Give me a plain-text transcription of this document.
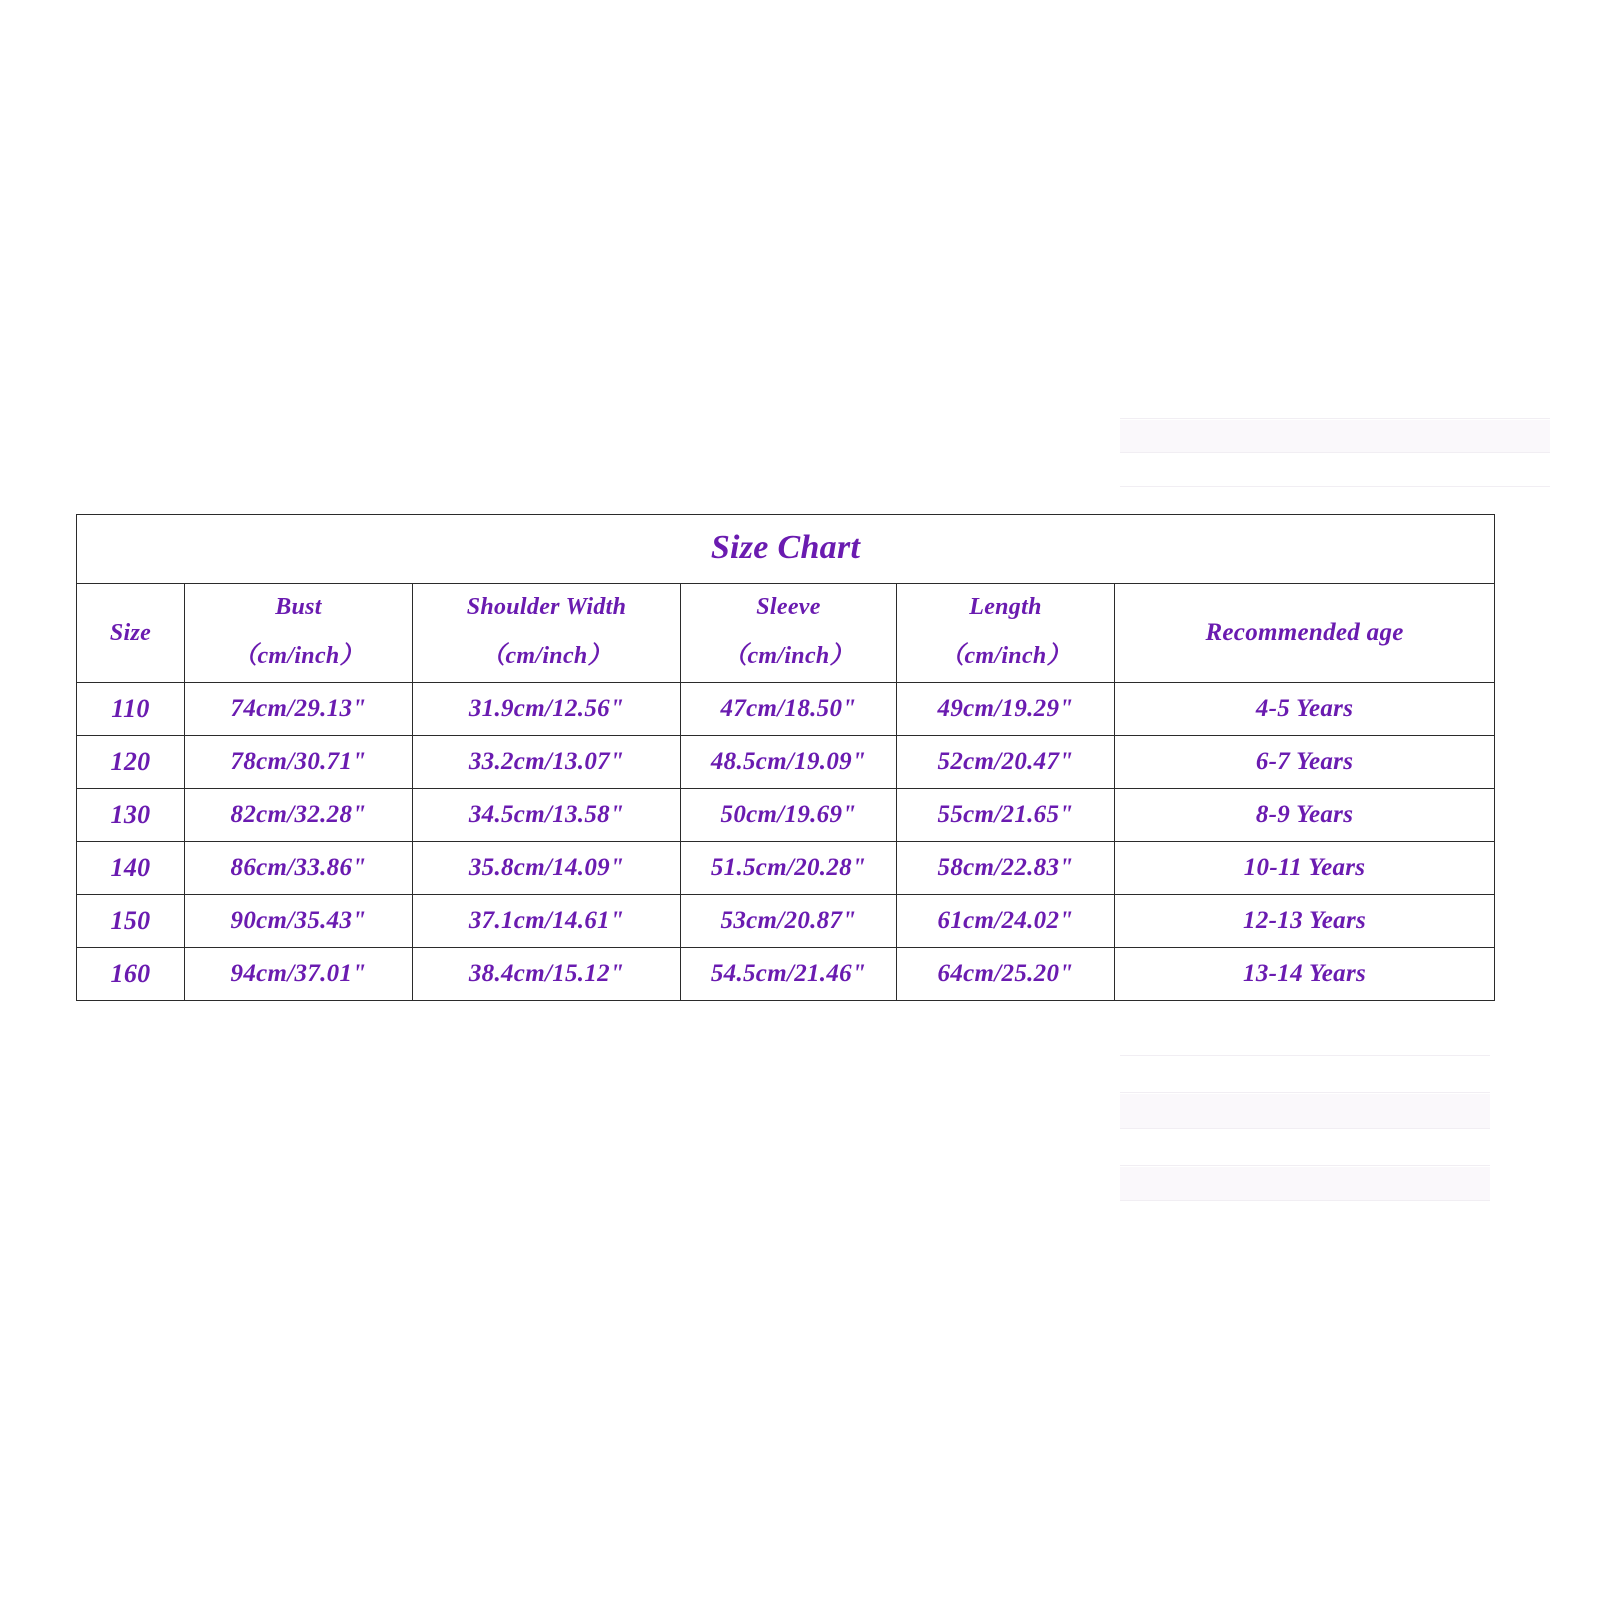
Size Chart					
Size	Bust	Shoulder Width	Sleeve	Length	Recommended age
	（cm/inch）	（cm/inch）	（cm/inch）	（cm/inch）	
110	74cm/29.13"	31.9cm/12.56"	47cm/18.50"	49cm/19.29"	4-5 Years
120	78cm/30.71"	33.2cm/13.07"	48.5cm/19.09"	52cm/20.47"	6-7 Years
130	82cm/32.28"	34.5cm/13.58"	50cm/19.69"	55cm/21.65"	8-9 Years
140	86cm/33.86"	35.8cm/14.09"	51.5cm/20.28"	58cm/22.83"	10-11 Years
150	90cm/35.43"	37.1cm/14.61"	53cm/20.87"	61cm/24.02"	12-13 Years
160	94cm/37.01"	38.4cm/15.12"	54.5cm/21.46"	64cm/25.20"	13-14 Years
